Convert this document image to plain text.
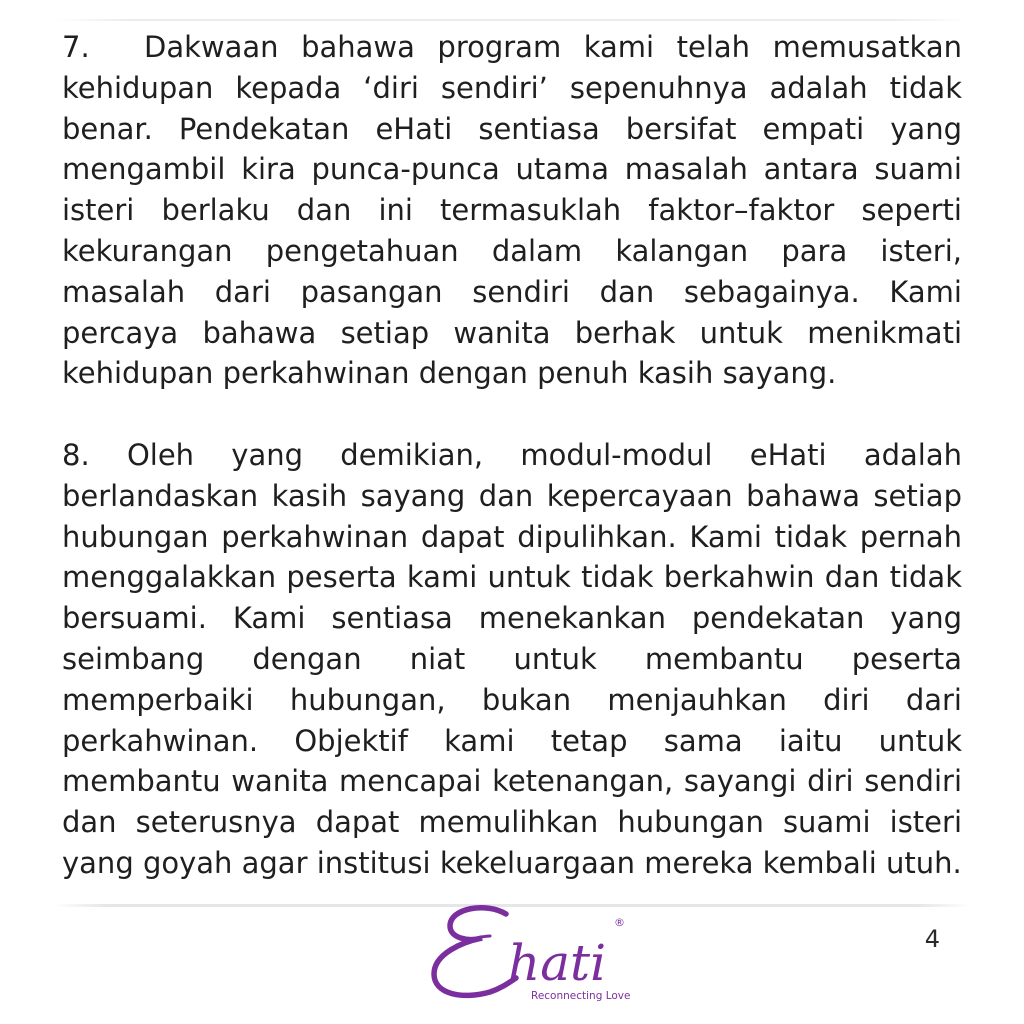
7. Dakwaan bahawa program kami telah memusatkan kehidupan kepada ‘diri sendiri’ sepenuhnya adalah tidak benar. Pendekatan eHati sentiasa bersifat empati yang mengambil kira punca-punca utama masalah antara suami isteri berlaku dan ini termasuklah faktor–faktor seperti kekurangan pengetahuan dalam kalangan para isteri, masalah dari pasangan sendiri dan sebagainya. Kami percaya bahawa setiap wanita berhak untuk menikmati kehidupan perkahwinan dengan penuh kasih sayang.

8. Oleh yang demikian, modul-modul eHati adalah berlandaskan kasih sayang dan kepercayaan bahawa setiap hubungan perkahwinan dapat dipulihkan. Kami tidak pernah menggalakkan peserta kami untuk tidak berkahwin dan tidak bersuami. Kami sentiasa menekankan pendekatan yang seimbang dengan niat untuk membantu peserta memperbaiki hubungan, bukan menjauhkan diri dari perkahwinan. Objektif kami tetap sama iaitu untuk membantu wanita mencapai ketenangan, sayangi diri sendiri dan seterusnya dapat memulihkan hubungan suami isteri yang goyah agar institusi kekeluargaan mereka kembali utuh.

hati
®
Reconnecting Love
4
